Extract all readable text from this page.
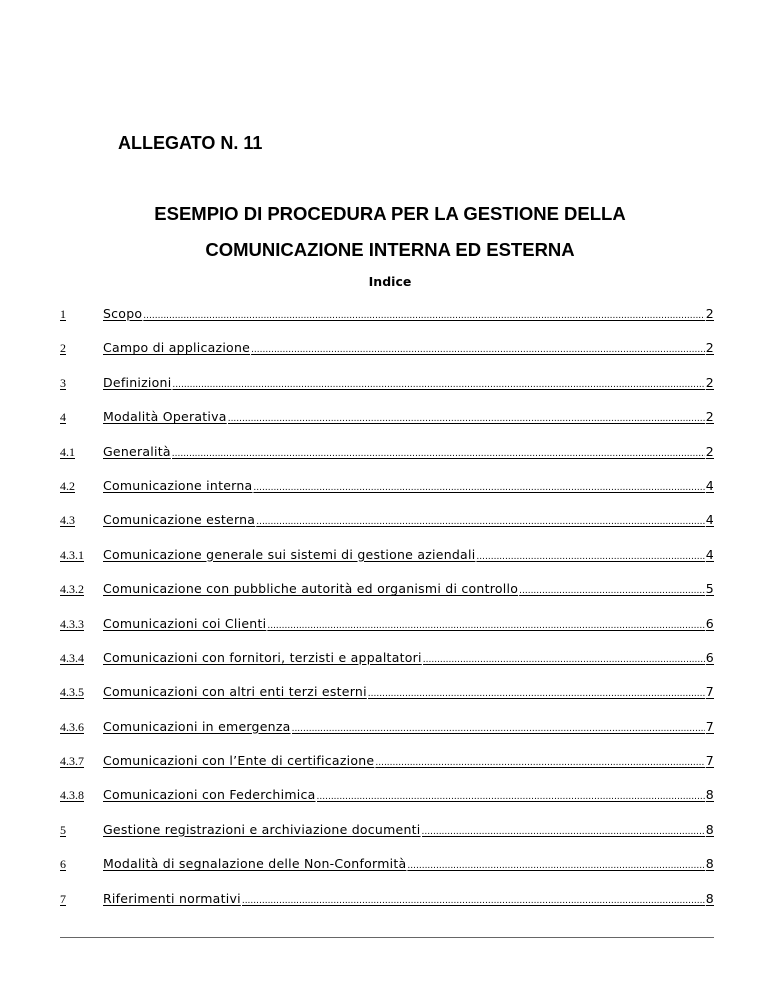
ALLEGATO N. 11
ESEMPIO DI PROCEDURA PER LA GESTIONE DELLA
COMUNICAZIONE INTERNA ED ESTERNA
Indice
1	Scopo .....	2
2	Campo di applicazione .....	2
3	Definizioni .....	2
4	Modalità Operativa .....	2
4.1	Generalità .....	2
4.2	Comunicazione interna .....	4
4.3	Comunicazione esterna .....	4
4.3.1	Comunicazione generale sui sistemi di gestione aziendali .....	4
4.3.2	Comunicazione con pubbliche autorità ed organismi di controllo .....	5
4.3.3	Comunicazioni coi Clienti .....	6
4.3.4	Comunicazioni con fornitori, terzisti e appaltatori .....	6
4.3.5	Comunicazioni con altri enti terzi esterni .....	7
4.3.6	Comunicazioni in emergenza .....	7
4.3.7	Comunicazioni con l’Ente di certificazione .....	7
4.3.8	Comunicazioni con Federchimica .....	8
5	Gestione registrazioni e archiviazione documenti .....	8
6	Modalità di segnalazione delle Non-Conformità .....	8
7	Riferimenti normativi .....	8
